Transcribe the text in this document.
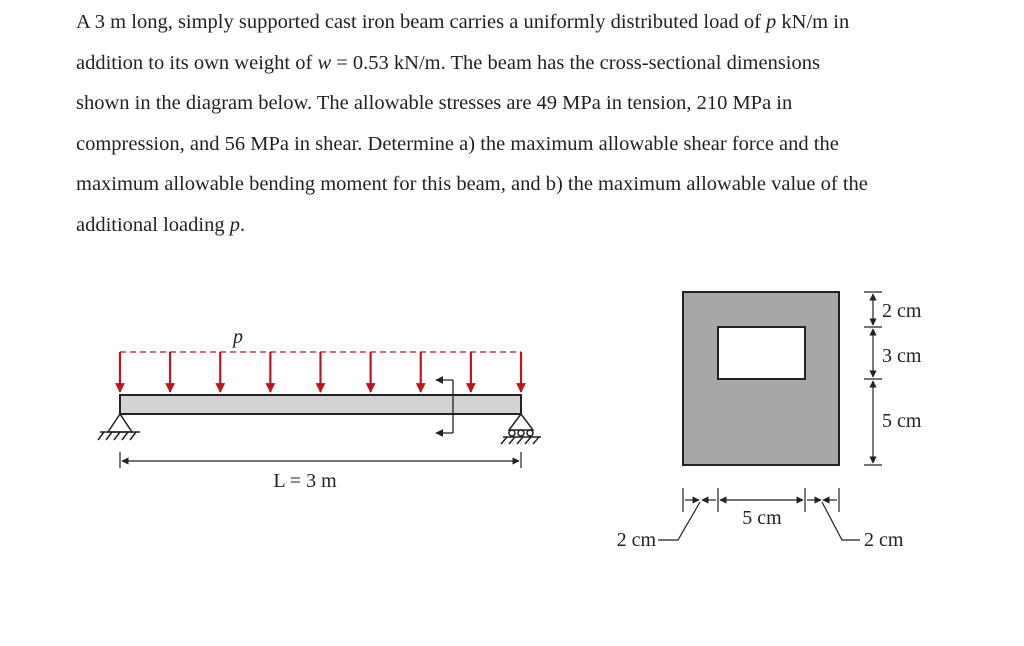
A 3 m long, simply supported cast iron beam carries a uniformly distributed load of p kN/m in

addition to its own weight of w = 0.53 kN/m. The beam has the cross-sectional dimensions

shown in the diagram below. The allowable stresses are 49 MPa in tension, 210 MPa in

compression, and 56 MPa in shear. Determine a) the maximum allowable shear force and the

maximum allowable bending moment for this beam, and b) the maximum allowable value of the

additional loading p.

p
L = 3 m
2 cm
3 cm
5 cm
5 cm
2 cm	2 cm
